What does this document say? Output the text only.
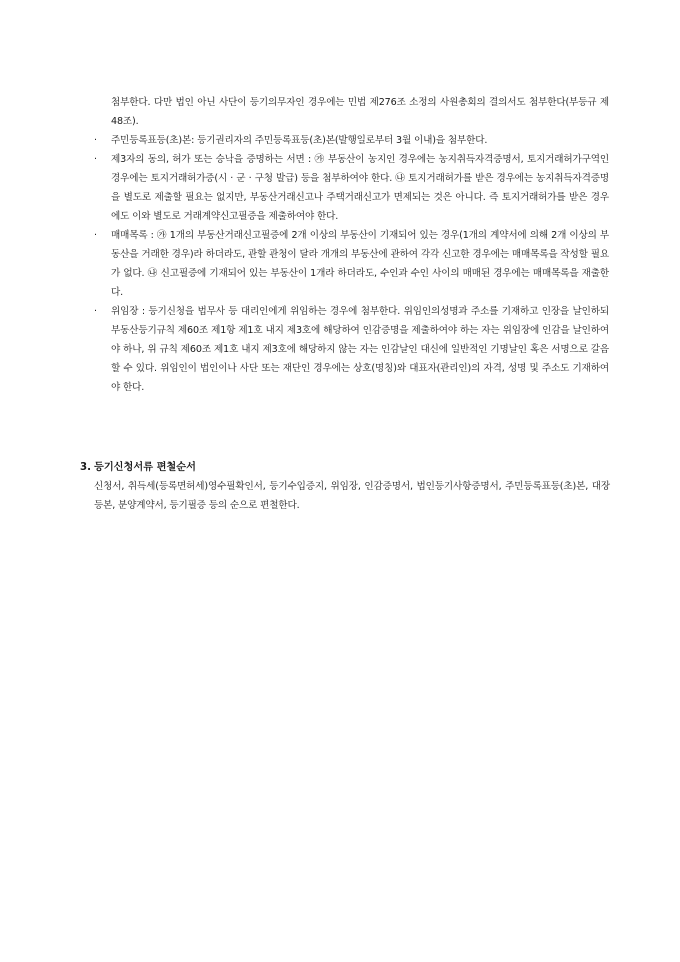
첨부한다. 다만 법인 아닌 사단이 등기의무자인 경우에는 민법 제276조 소정의 사원총회의 결의서도 첨부한다(부등규 제48조).

·	주민등록표등(초)본: 등기권리자의 주민등록표등(초)본(발행일로부터 3월 이내)을 첨부한다.
·	제3자의 동의, 허가 또는 승낙을 증명하는 서면 : ㉮ 부동산이 농지인 경우에는 농지취득자격증명서, 토지거래허가구역인 경우에는 토지거래허가증(시 · 군 · 구청 발급) 등을 첨부하여야 한다. ㉯ 토지거래허가를 받은 경우에는 농지취득자격증명을 별도로 제출할 필요는 없지만, 부동산거래신고나 주택거래신고가 면제되는 것은 아니다. 즉 토지거래허가를 받은 경우에도 이와 별도로 거래계약신고필증을 제출하여야 한다.
·	매매목록 : ㉮ 1개의 부동산거래신고필증에 2개 이상의 부동산이 기재되어 있는 경우(1개의 계약서에 의해 2개 이상의 부동산을 거래한 경우)라 하더라도, 관할 관청이 달라 개개의 부동산에 관하여 각각 신고한 경우에는 매매목록을 작성할 필요가 없다. ㉯ 신고필증에 기재되어 있는 부동산이 1개라 하더라도, 수인과 수인 사이의 매매된 경우에는 매매목록을 재출한다.
·	위임장 : 등기신청을 법무사 등 대리인에게 위임하는 경우에 첨부한다. 위임인의성명과 주소를 기재하고 인장을 날인하되 부동산등기규칙 제60조 제1항 제1호 내지 제3호에 해당하여 인감증명을 제출하여야 하는 자는 위임장에 인감을 날인하여야 하나, 위 규칙 제60조 제1호 내지 제3호에 해당하지 않는 자는 인감날인 대신에 일반적인 기명날인 혹은 서명으로 갈음할 수 있다. 위임인이 법인이나 사단 또는 재단인 경우에는 상호(명칭)와 대표자(관리인)의 자격, 성명 및 주소도 기재하여야 한다.
3. 등기신청서류 편철순서

신청서, 취득세(등록면허세)영수필확인서, 등기수입증지, 위임장, 인감증명서, 법인등기사항증명서, 주민등록표등(초)본, 대장등본, 분양계약서, 등기필증 등의 순으로 편철한다.
